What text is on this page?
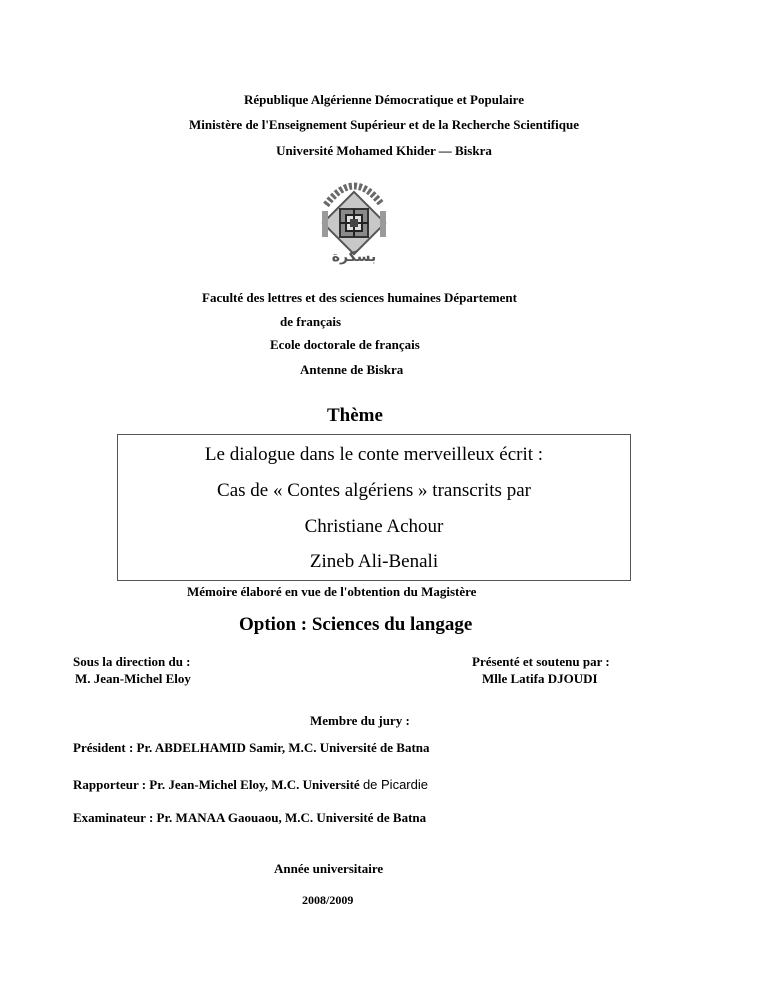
République Algérienne Démocratique et Populaire
Ministère de l'Enseignement Supérieur et de la Recherche Scientifique
Université Mohamed Khider — Biskra
بسكرة
Faculté des lettres et des sciences humaines Département
de français
Ecole doctorale de français
Antenne de Biskra
Thème
Le dialogue dans le conte merveilleux écrit :
Cas de « Contes algériens » transcrits par
Christiane Achour
Zineb Ali-Benali
Mémoire élaboré en vue de l'obtention du Magistère
Option : Sciences du langage
Sous la direction du :
M. Jean-Michel Eloy
Présenté et soutenu par :
Mlle Latifa DJOUDI
Membre du jury :
Président : Pr. ABDELHAMID Samir, M.C. Université de Batna
Rapporteur : Pr. Jean-Michel Eloy, M.C. Université de Picardie
Examinateur : Pr. MANAA Gaouaou, M.C. Université de Batna
Année universitaire
2008/2009
